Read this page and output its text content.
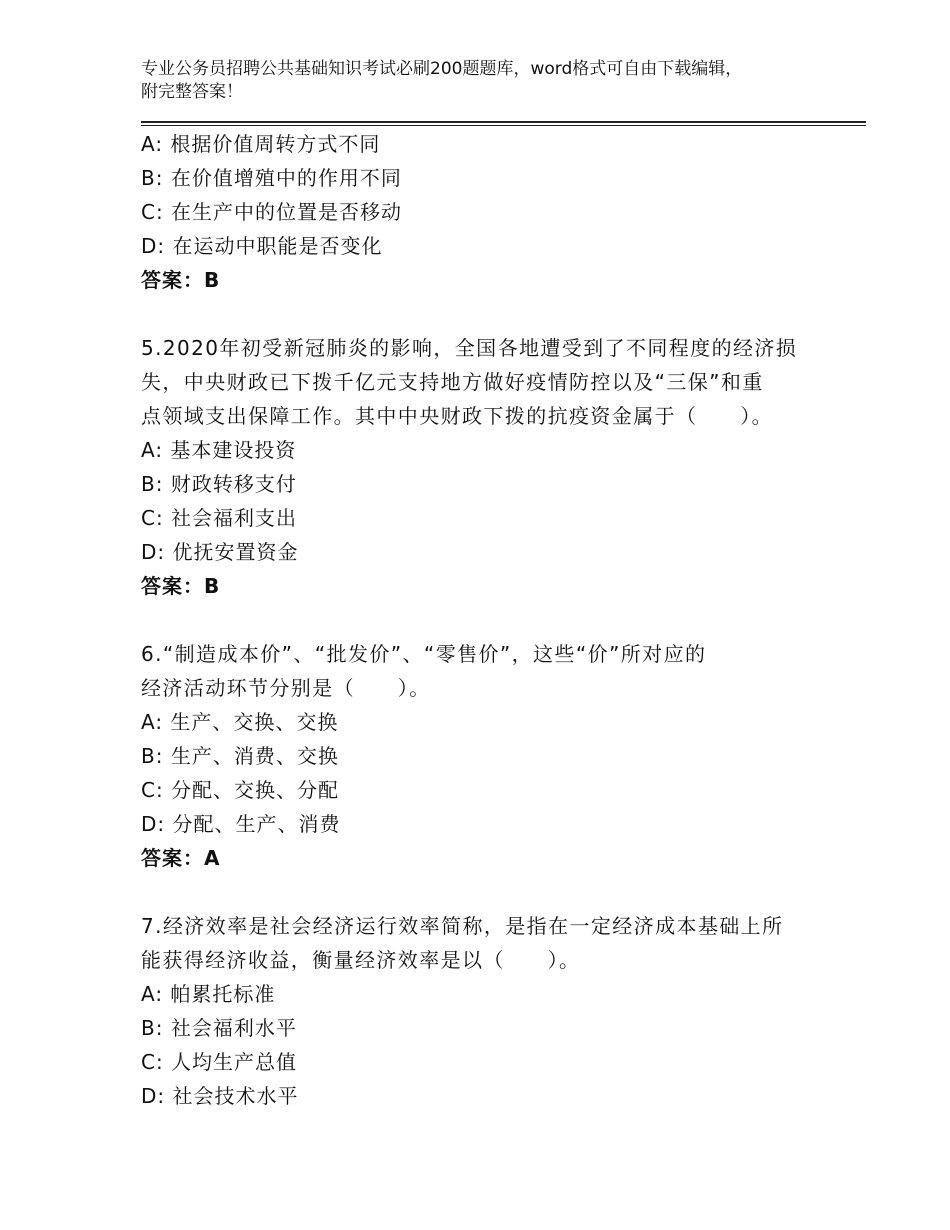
专业公务员招聘公共基础知识考试必刷200题题库，word格式可自由下载编辑，
附完整答案！
A: 根据价值周转方式不同
B: 在价值增殖中的作用不同
C: 在生产中的位置是否移动
D: 在运动中职能是否变化
答案：B
5.2020年初受新冠肺炎的影响，全国各地遭受到了不同程度的经济损
失，中央财政已下拨千亿元支持地方做好疫情防控以及“三保”和重
点领域支出保障工作。其中中央财政下拨的抗疫资金属于（　　）。
A: 基本建设投资
B: 财政转移支付
C: 社会福利支出
D: 优抚安置资金
答案：B
6.“制造成本价”、“批发价”、“零售价”，这些“价”所对应的
经济活动环节分别是（　　）。
A: 生产、交换、交换
B: 生产、消费、交换
C: 分配、交换、分配
D: 分配、生产、消费
答案：A
7.经济效率是社会经济运行效率简称，是指在一定经济成本基础上所
能获得经济收益，衡量经济效率是以（　　）。
A: 帕累托标准
B: 社会福利水平
C: 人均生产总值
D: 社会技术水平
